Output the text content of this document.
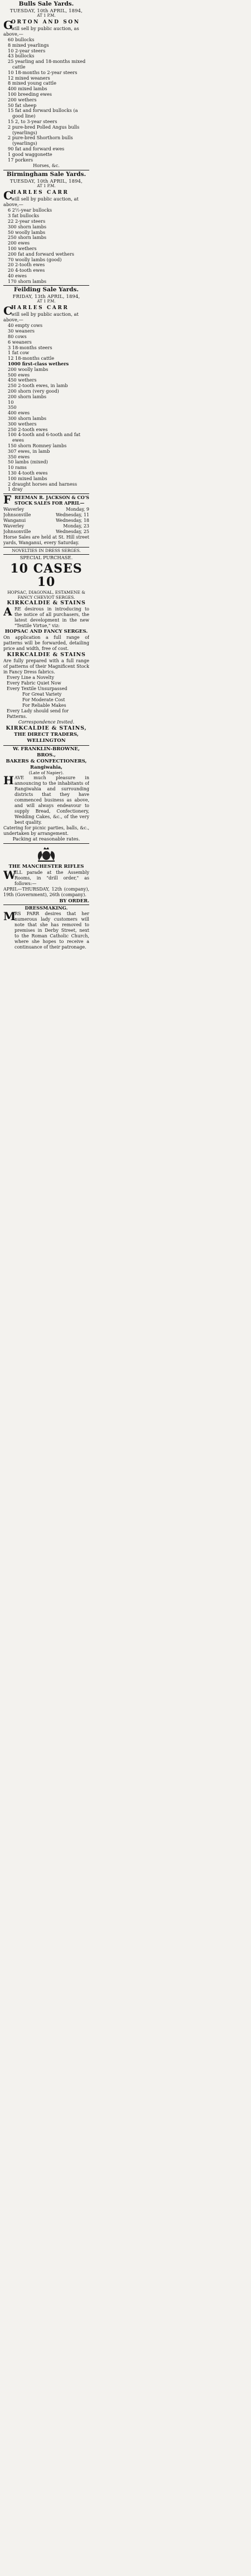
Bulls Sale Yards.
TUESDAY, 10th APRIL, 1894,
AT 1 P.M.
G
ORTON AND SON
will sell by public auction, as
above,—
60 bullocks
8 mixed yearlings
10 2-year steers
43 bullocks
25 yearling and 18-months mixed cattle
10 18-months to 2-year steers
12 mixed weaners
8 mixed young cattle
400 mixed lambs
100 breeding ewes
200 wethers
50 fat sheep
15 fat and forward bullocks (a good line)
15 2, to 3-year steers
2 pure-bred Polled Angus bulls (yearlings)
2 pure-bred Shorthorn bulls (yearlings)
90 fat and forward ewes
1 good waggonette
17 porkers
Horses, &c.
Birmingham Sale Yards.
TUESDAY, 10th APRIL, 1894,
AT 1 P.M.
C
HARLES CARR
will sell by public auction, at
above,—
6 2½-year bullocks
3 fat bullocks
22 2-year steers
300 shorn lambs
50 woolly lambs
250 shorn lambs
200 ewes
100 wethers
200 fat and forward wethers
70 woolly lambs (good)
20 2-tooth ewes
20 4-tooth ewes
40 ewes
170 shorn lambs
Feilding Sale Yards.
FRIDAY, 13th APRIL, 1894,
AT 1 P.M.
C
HARLES CARR
will sell by public auction, at
above,—
40 empty cows
30 weaners
80 cows
6 weaners
3 18-months steers
1 fat cow
12 18-months cattle
1000 first-class wethers
200 woolly lambs
500 ewes
450 wethers
250 2-tooth ewes, in lamb
200 shorn (very good)
200 shorn lambs
10
350
400 ewes
300 shorn lambs
300 wethers
250 2-tooth ewes
100 4-tooth and 6-tooth and fat ewes
150 shorn Romney lambs
307 ewes, in lamb
350 ewes
50 lambs (mixed)
10 rams
130 4-tooth ewes
100 mixed lambs
2 draught horses and harness
1 dray
F REEMAN R. JACKSON & CO'S
STOCK SALES FOR APRIL—
Waverley	Monday, 9
Johnsonville	Wednesday, 11
Wanganui	Wednesday, 18
Waverley	Monday, 23
Johnsonville	Wednesday, 25
Horse Sales are held at St. Hill street yards, Wanganui, every Saturday.
NOVELTIES IN DRESS SERGES.
SPECIAL PURCHASE.
10 CASES 10
HOPSAC, DIAGONAL, ESTAMENE & FANCY CHEVIOT SERGES.
KIRKCALDIE & STAINS
A RE desirous in introducing to the notice of all purchasers, the latest development in the new "Textile Virtue," viz:
HOPSAC AND FANCY SERGES.
On application a full range of patterns will be forwarded, detailing price and width, free of cost.
KIRKCALDIE & STAINS
Are fully prepared with a full range of patterns of their Magnificent Stock in Fancy Dress fabrics.
Every Line a Novelty
Every Fabric Quiet Now
Every Textile Unsurpassed
For Great Variety
For Moderate Cost
For Reliable Makes
Every Lady should send for Patterns.
Correspondence Invited.
KIRKCALDIE & STAINS,
THE DIRECT TRADERS,
WELLINGTON
W. FRANKLIN-BROWNE, BROS.,
BAKERS & CONFECTIONERS,
Rangiwahia,
(Late of Napier).
H AVE much pleasure in announcing to the inhabitants of Rangiwahia and surrounding districts that they have commenced business as above, and will always endeavour to supply Bread, Confectionery, Wedding Cakes, &c., of the very best quality.
Catering for picnic parties, balls, &c., undertaken by arrangement.
Packing at reasonable rates.
THE MANCHESTER RIFLES
W
ILL parade at the Assembly Rooms, in "drill order," as follows:—
APRIL—THURSDAY, 12th (company), 19th (Government), 26th (company).
BY ORDER.
DRESSMAKING.
M
RS PARR desires that her numerous lady customers will note that she has removed to premises in Derby Street, next to the Roman Catholic Church, where she hopes to receive a continuance of their patronage.
